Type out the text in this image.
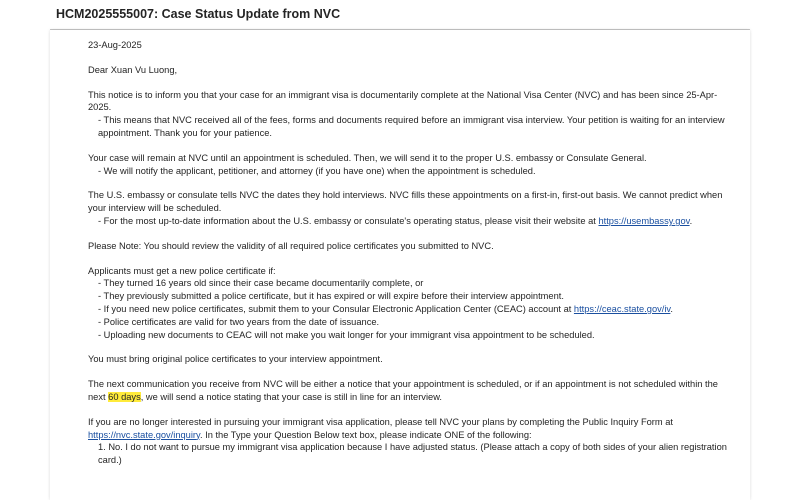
HCM2025555007: Case Status Update from NVC

23-Aug-2025

Dear Xuan Vu Luong,

This notice is to inform you that your case for an immigrant visa is documentarily complete at the National Visa Center (NVC) and has been since 25-Apr-2025.
- This means that NVC received all of the fees, forms and documents required before an immigrant visa interview. Your petition is waiting for an interview appointment. Thank you for your patience.

Your case will remain at NVC until an appointment is scheduled. Then, we will send it to the proper U.S. embassy or Consulate General.
- We will notify the applicant, petitioner, and attorney (if you have one) when the appointment is scheduled.

The U.S. embassy or consulate tells NVC the dates they hold interviews. NVC fills these appointments on a first-in, first-out basis. We cannot predict when your interview will be scheduled.
- For the most up-to-date information about the U.S. embassy or consulate's operating status, please visit their website at https://usembassy.gov.

Please Note: You should review the validity of all required police certificates you submitted to NVC.

Applicants must get a new police certificate if:
- They turned 16 years old since their case became documentarily complete, or
- They previously submitted a police certificate, but it has expired or will expire before their interview appointment.
- If you need new police certificates, submit them to your Consular Electronic Application Center (CEAC) account at https://ceac.state.gov/iv.
- Police certificates are valid for two years from the date of issuance.
- Uploading new documents to CEAC will not make you wait longer for your immigrant visa appointment to be scheduled.

You must bring original police certificates to your interview appointment.

The next communication you receive from NVC will be either a notice that your appointment is scheduled, or if an appointment is not scheduled within the next 60 days, we will send a notice stating that your case is still in line for an interview.

If you are no longer interested in pursuing your immigrant visa application, please tell NVC your plans by completing the Public Inquiry Form at https://nvc.state.gov/inquiry. In the Type your Question Below text box, please indicate ONE of the following:
1. No. I do not want to pursue my immigrant visa application because I have adjusted status. (Please attach a copy of both sides of your alien registration card.)
